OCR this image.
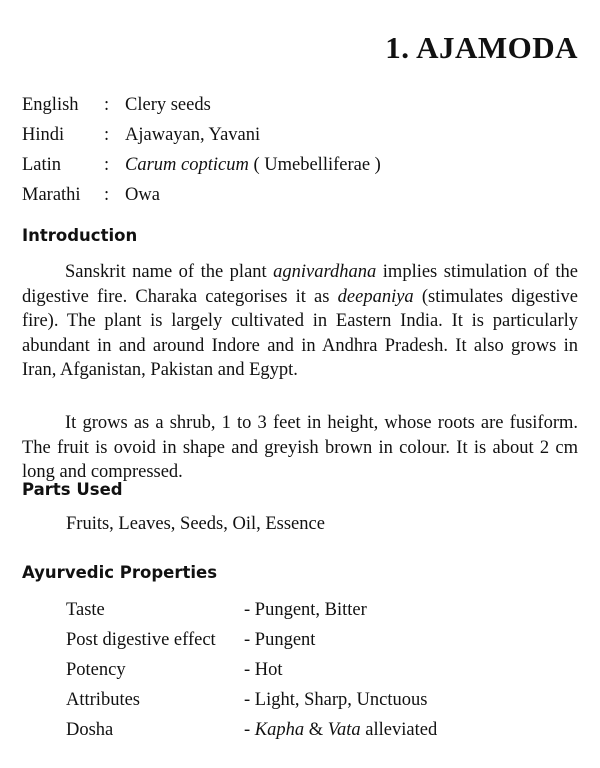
1. AJAMODA
English : Clery seeds
Hindi : Ajawayan, Yavani
Latin : Carum copticum ( Umebelliferae )
Marathi : Owa
Introduction

Sanskrit name of the plant agnivardhana implies stimulation of the digestive fire. Charaka categorises it as deepaniya (stimulates digestive fire). The plant is largely cultivated in Eastern India. It is particularly abundant in and around Indore and in Andhra Pradesh. It also grows in Iran, Afganistan, Pakistan and Egypt.

It grows as a shrub, 1 to 3 feet in height, whose roots are fusiform. The fruit is ovoid in shape and greyish brown in colour. It is about 2 cm long and compressed.

Parts Used

Fruits, Leaves, Seeds, Oil, Essence

Ayurvedic Properties
Taste	- Pungent, Bitter
Post digestive effect - Pungent
Potency	- Hot
Attributes	- Light, Sharp, Unctuous
Dosha	- Kapha & Vata alleviated
